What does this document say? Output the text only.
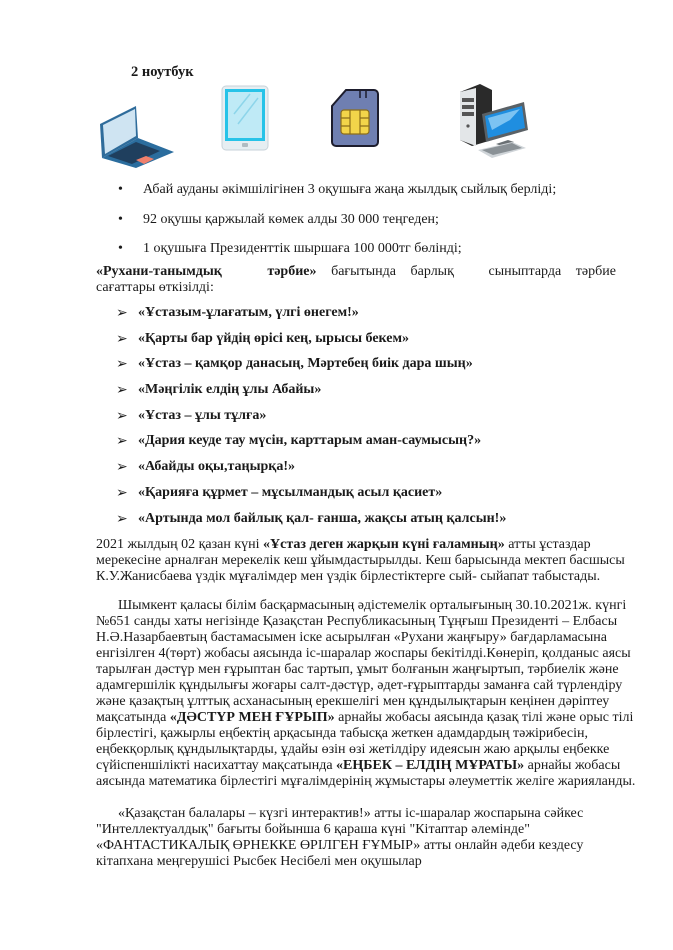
2 ноутбук
• Абай ауданы әкімшілігінен 3 оқушыға жаңа жылдық сыйлық берліді;
• 92 оқушы қаржылай көмек алды 30 000 теңгеден;
• 1 оқушыға Президенттік шыршаға 100 000тг бөлінді;
«Рухани-танымдық тәрбие» бағытында барлық сыныптарда тәрбие
сағаттары өткізілді:
➢ «Ұстазым-ұлағатым, үлгі өнегем!»
➢ «Қарты бар үйдің өрісі кең, ырысы бекем»
➢ «Ұстаз – қамқор данасың, Мәртебең биік дара шың»
➢ «Мәңгілік елдің ұлы Абайы»
➢ «Ұстаз – ұлы тұлға»
➢ «Дария кеуде тау мүсін, карттарым аман-саумысың?»
➢ «Абайды оқы,таңырқа!»
➢ «Қарияға құрмет – мұсылмандық асыл қасиет»
➢ «Артында мол байлық қал- ғанша, жақсы атың қалсын!»
2021 жылдың 02 қазан күні «Ұстаз деген жарқын күні ғаламның» атты ұстаздар
мерекесіне арналған мерекелік кеш ұйымдастырылды. Кеш барысында мектеп басшысы
К.У.Жанисбаева үздік мұғалімдер мен үздік бірлестіктерге сый- сыйапат табыстады.
Шымкент қаласы білім басқармасының әдістемелік орталығының 30.10.2021ж. күнгі
№651 санды хаты негізінде Қазақстан Республикасының Тұңғыш Президенті – Елбасы
Н.Ә.Назарбаевтың бастамасымен іске асырылған «Рухани жаңғыру» бағдарламасына
енгізілген 4(төрт) жобасы аясында іс-шаралар жоспары бекітілді.Көнеріп, қолданыс аясы
тарылған дәстүр мен ғұрыптан бас тартып, ұмыт болғанын жаңғыртып, тәрбиелік және
адамгершілік құндылығы жоғары салт-дәстүр, әдет-ғұрыптарды заманға сай түрлендіру
және қазақтың ұлттық асханасының ерекшелігі мен құндылықтарын кеңінен дәріптеу
мақсатында «ДӘСТҮР МЕН ҒҰРЫП» арнайы жобасы аясында қазақ тілі және орыс тілі
бірлестігі, қажырлы еңбектің арқасында табысқа жеткен адамдардың тәжірибесін,
еңбекқорлық құндылықтарды, ұдайы өзін өзі жетілдіру идеясын жаю арқылы еңбекке
сүйіспеншілікті насихаттау мақсатында «ЕҢБЕК – ЕЛДІҢ МҰРАТЫ» арнайы жобасы
аясында математика бірлестігі мұғалімдерінің жұмыстары әлеуметтік желіге жарияланды.
«Қазақстан балалары – күзгі интерактив!» атты іс-шаралар жоспарына сәйкес
"Интеллектуалдық" бағыты бойынша 6 қараша күні "Кітаптар әлемінде"
«ФАНТАСТИКАЛЫҚ ӨРНЕККЕ ӨРІЛГЕН ҒҰМЫР» атты онлайн әдеби кездесу
кітапхана меңгерушісі Рысбек Несібелі мен оқушылар
